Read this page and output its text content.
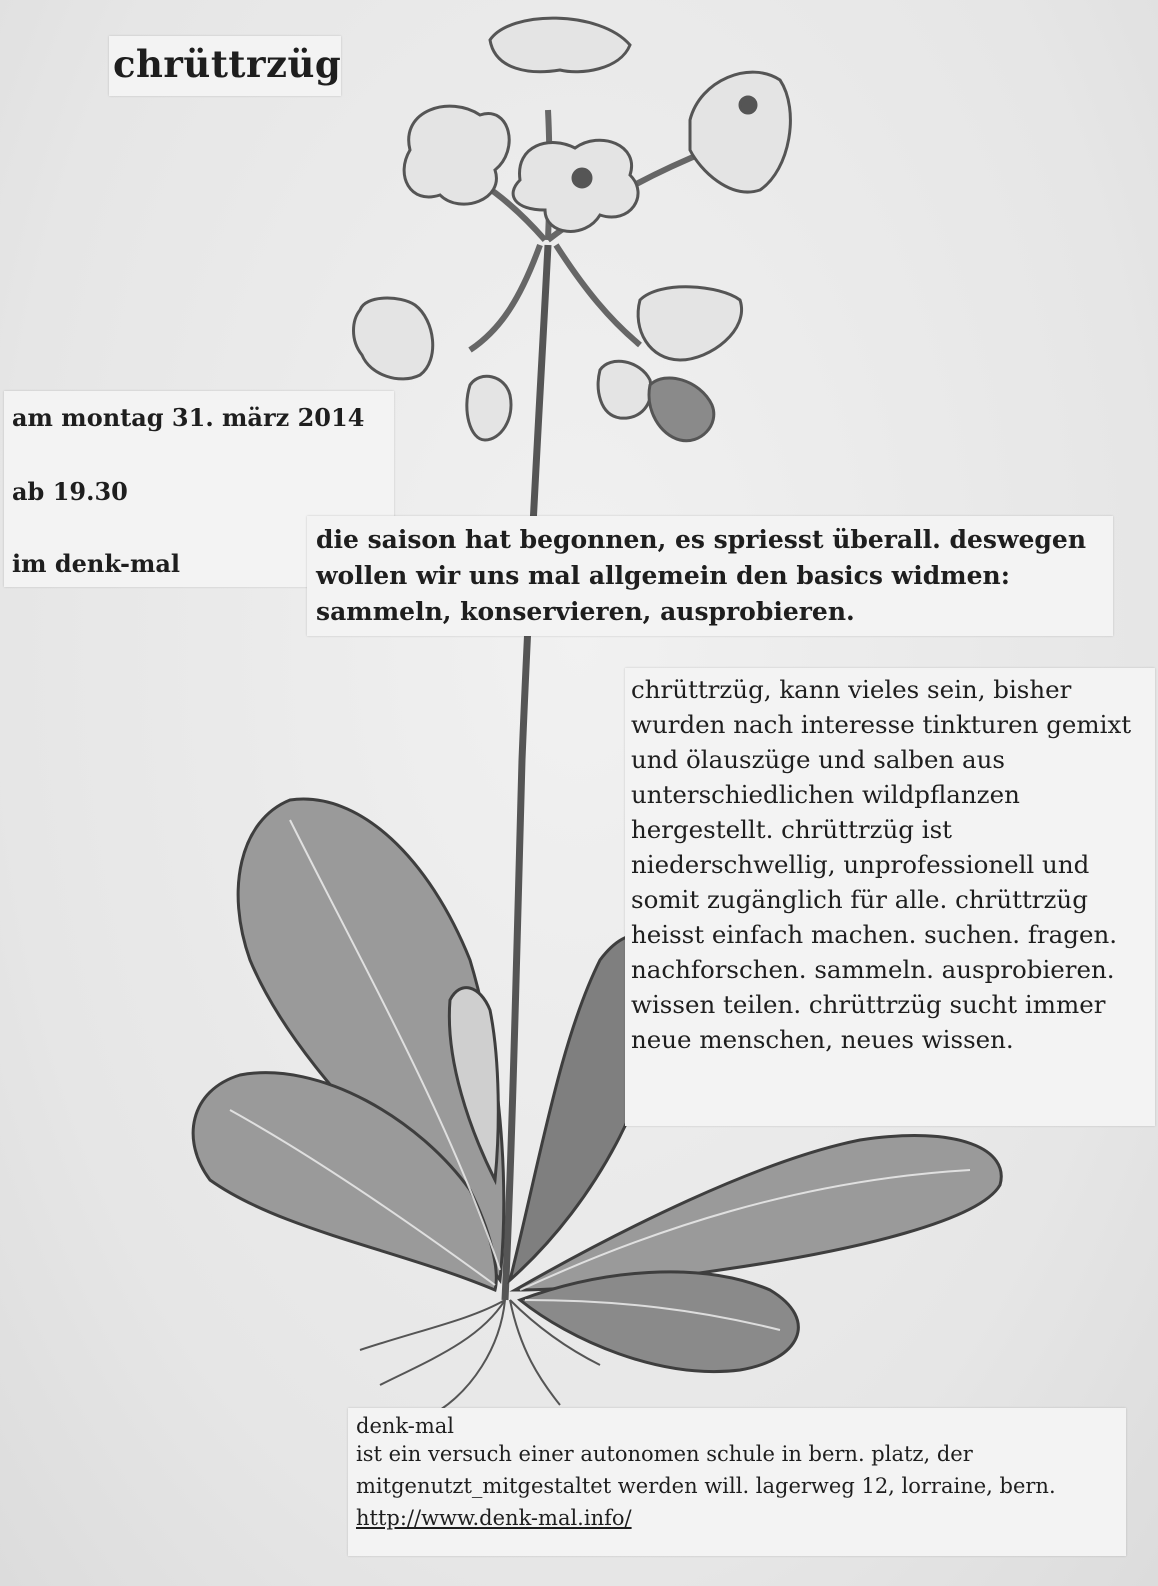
chrüttrzüg
am montag 31. märz 2014
ab 19.30
im denk-mal

die saison hat begonnen, es spriesst überall. deswegen wollen wir uns mal allgemein den basics widmen: sammeln, konservieren, ausprobieren.

chrüttrzüg, kann vieles sein, bisher wurden nach interesse tinkturen gemixt und ölauszüge und salben aus unterschiedlichen wildpflanzen hergestellt. chrüttrzüg ist niederschwellig, unprofessionell und somit zugänglich für alle. chrüttrzüg heisst einfach machen. suchen. fragen. nachforschen. sammeln. ausprobieren. wissen teilen. chrüttrzüg sucht immer neue menschen, neues wissen.

denk-mal
ist ein versuch einer autonomen schule in bern. platz, der
mitgenutzt_mitgestaltet werden will. lagerweg 12, lorraine, bern.
http://www.denk-mal.info/
